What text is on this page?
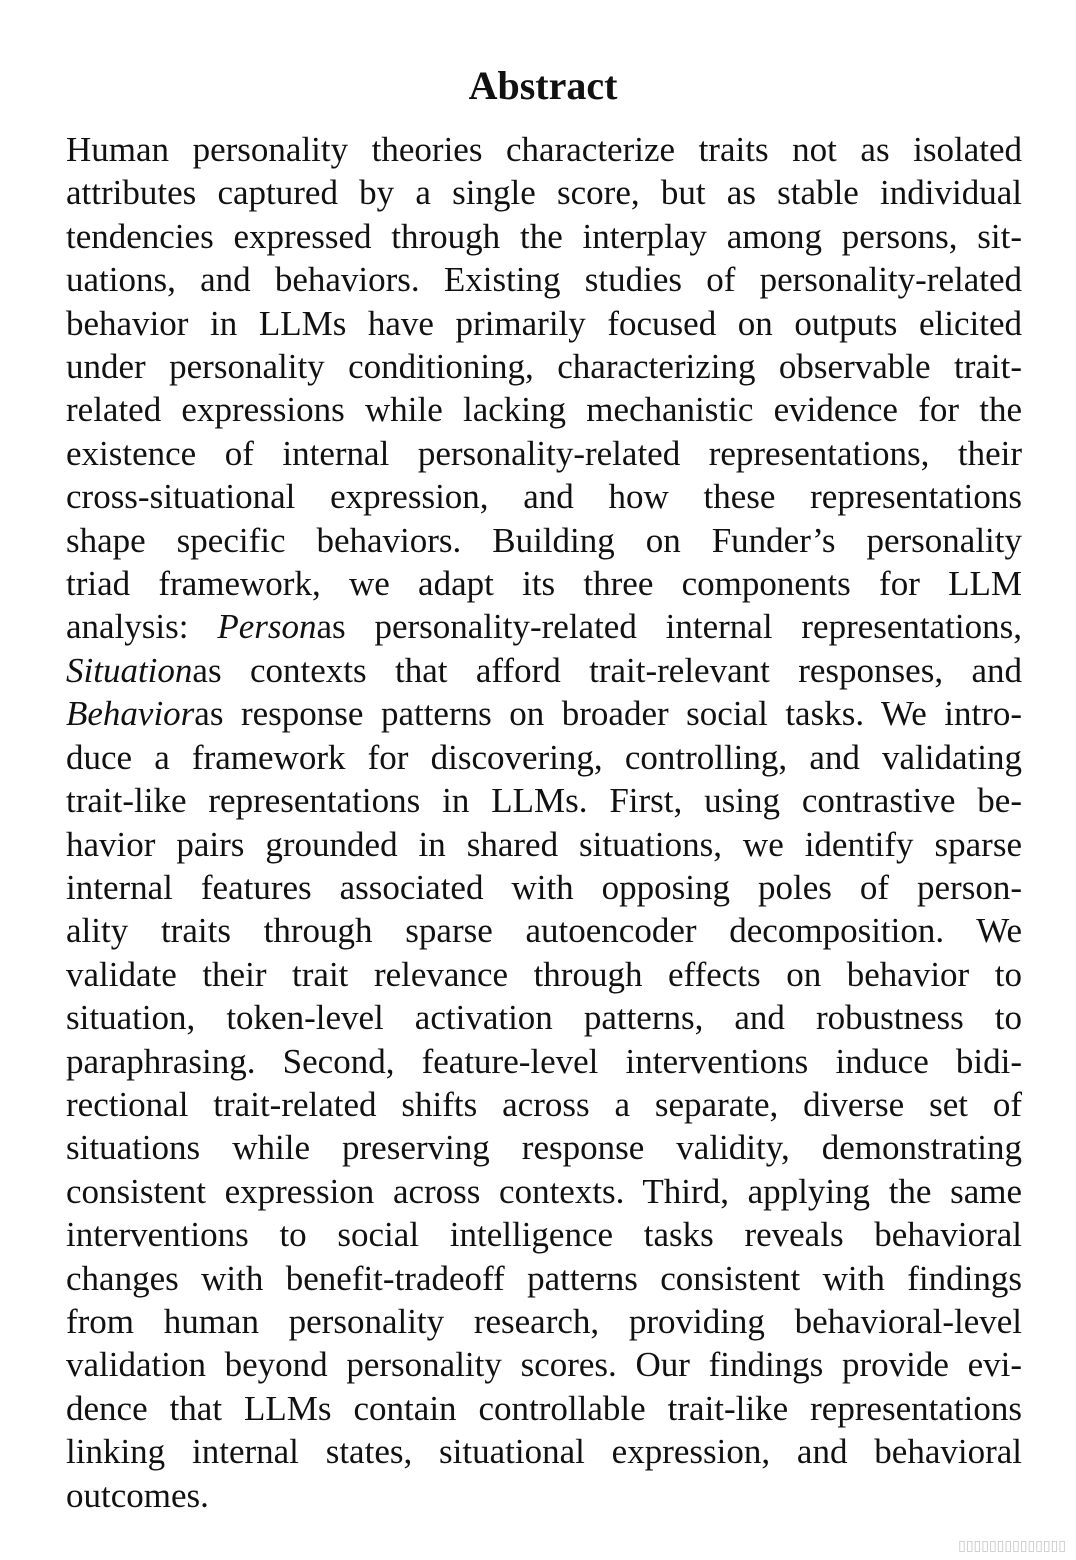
Abstract
Human personality theories characterize traits not as isolated
attributes captured by a single score, but as stable individual
tendencies expressed through the interplay among persons, sit-
uations, and behaviors. Existing studies of personality-related
behavior in LLMs have primarily focused on outputs elicited
under personality conditioning, characterizing observable trait-
related expressions while lacking mechanistic evidence for the
existence of internal personality-related representations, their
cross-situational expression, and how these representations
shape specific behaviors. Building on Funder’s personality
triad framework, we adapt its three components for LLM
analysis: Personas personality-related internal representations,
Situationas contexts that afford trait-relevant responses, and
Behavioras response patterns on broader social tasks. We intro-
duce a framework for discovering, controlling, and validating
trait-like representations in LLMs. First, using contrastive be-
havior pairs grounded in shared situations, we identify sparse
internal features associated with opposing poles of person-
ality traits through sparse autoencoder decomposition. We
validate their trait relevance through effects on behavior to
situation, token-level activation patterns, and robustness to
paraphrasing. Second, feature-level interventions induce bidi-
rectional trait-related shifts across a separate, diverse set of
situations while preserving response validity, demonstrating
consistent expression across contexts. Third, applying the same
interventions to social intelligence tasks reveals behavioral
changes with benefit-tradeoff patterns consistent with findings
from human personality research, providing behavioral-level
validation beyond personality scores. Our findings provide evi-
dence that LLMs contain controllable trait-like representations
linking internal states, situational expression, and behavioral
outcomes.
▯▯▯▯▯▯▯▯▯▯▯▯▯▯
